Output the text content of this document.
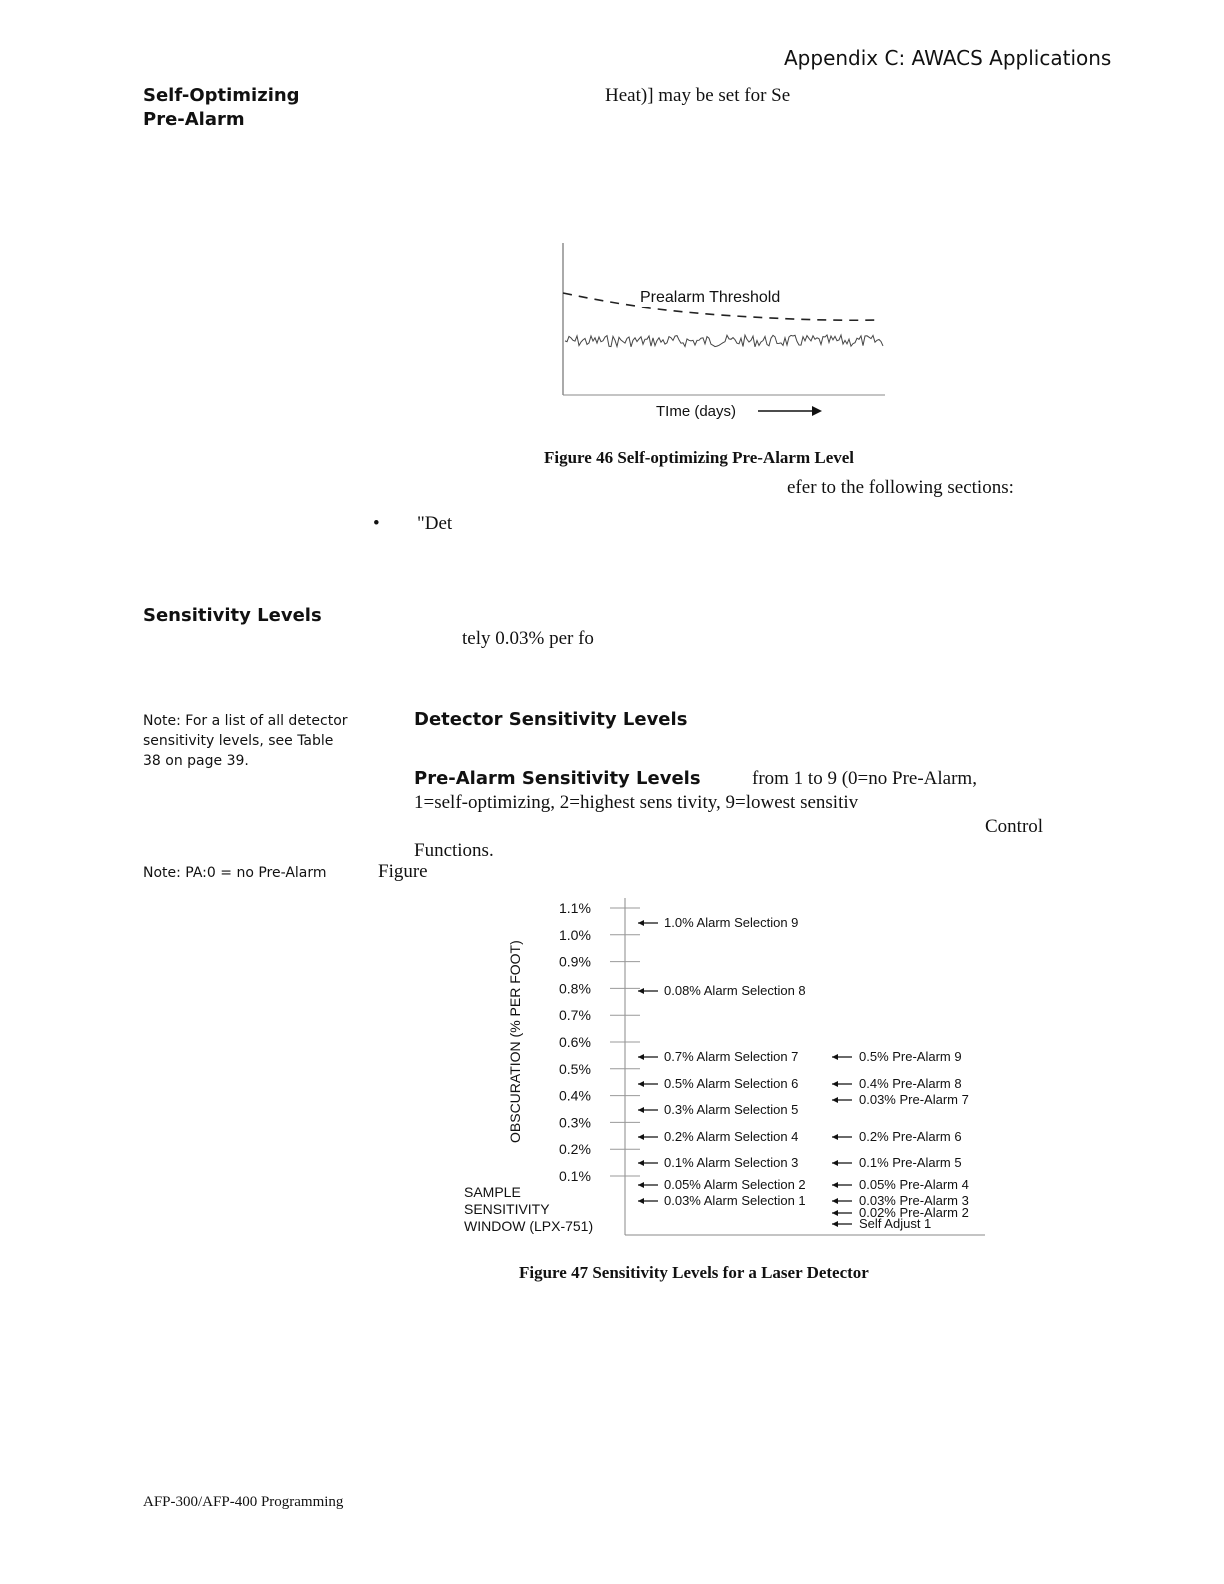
Appendix C: AWACS Applications
Self-Optimizing
Pre-Alarm
Heat)] may be set for Se
Prealarm Threshold
TIme (days)
Figure 46 Self-optimizing Pre-Alarm Level
efer to the following sections:
• "Det
Sensitivity Levels
tely 0.03% per fo
Note: For a list of all detector sensitivity levels, see Table 38 on page 39.
Detector Sensitivity Levels
Pre-Alarm Sensitivity Levels	from 1 to 9 (0=no Pre-Alarm,
1=self-optimizing, 2=highest sens tivity, 9=lowest sensitiv
Control
Functions.
Note: PA:0 = no Pre-Alarm	Figure
1.1%
1.0%
0.9%
0.8%
0.7%
0.6%
0.5%
0.4%
0.3%
0.2%
0.1%
OBSCURATION (% PER FOOT)
SAMPLE
SENSITIVITY
WINDOW (LPX-751)
1.0% Alarm Selection 9
0.08% Alarm Selection 8
0.7% Alarm Selection 7
0.5% Alarm Selection 6
0.3% Alarm Selection 5
0.2% Alarm Selection 4
0.1% Alarm Selection 3
0.05% Alarm Selection 2
0.03% Alarm Selection 1
0.5% Pre-Alarm 9
0.4% Pre-Alarm 8
0.03% Pre-Alarm 7
0.2% Pre-Alarm 6
0.1% Pre-Alarm 5
0.05% Pre-Alarm 4
0.03% Pre-Alarm 3
0.02% Pre-Alarm 2
Self Adjust 1
Figure 47 Sensitivity Levels for a Laser Detector
AFP-300/AFP-400 Programming
